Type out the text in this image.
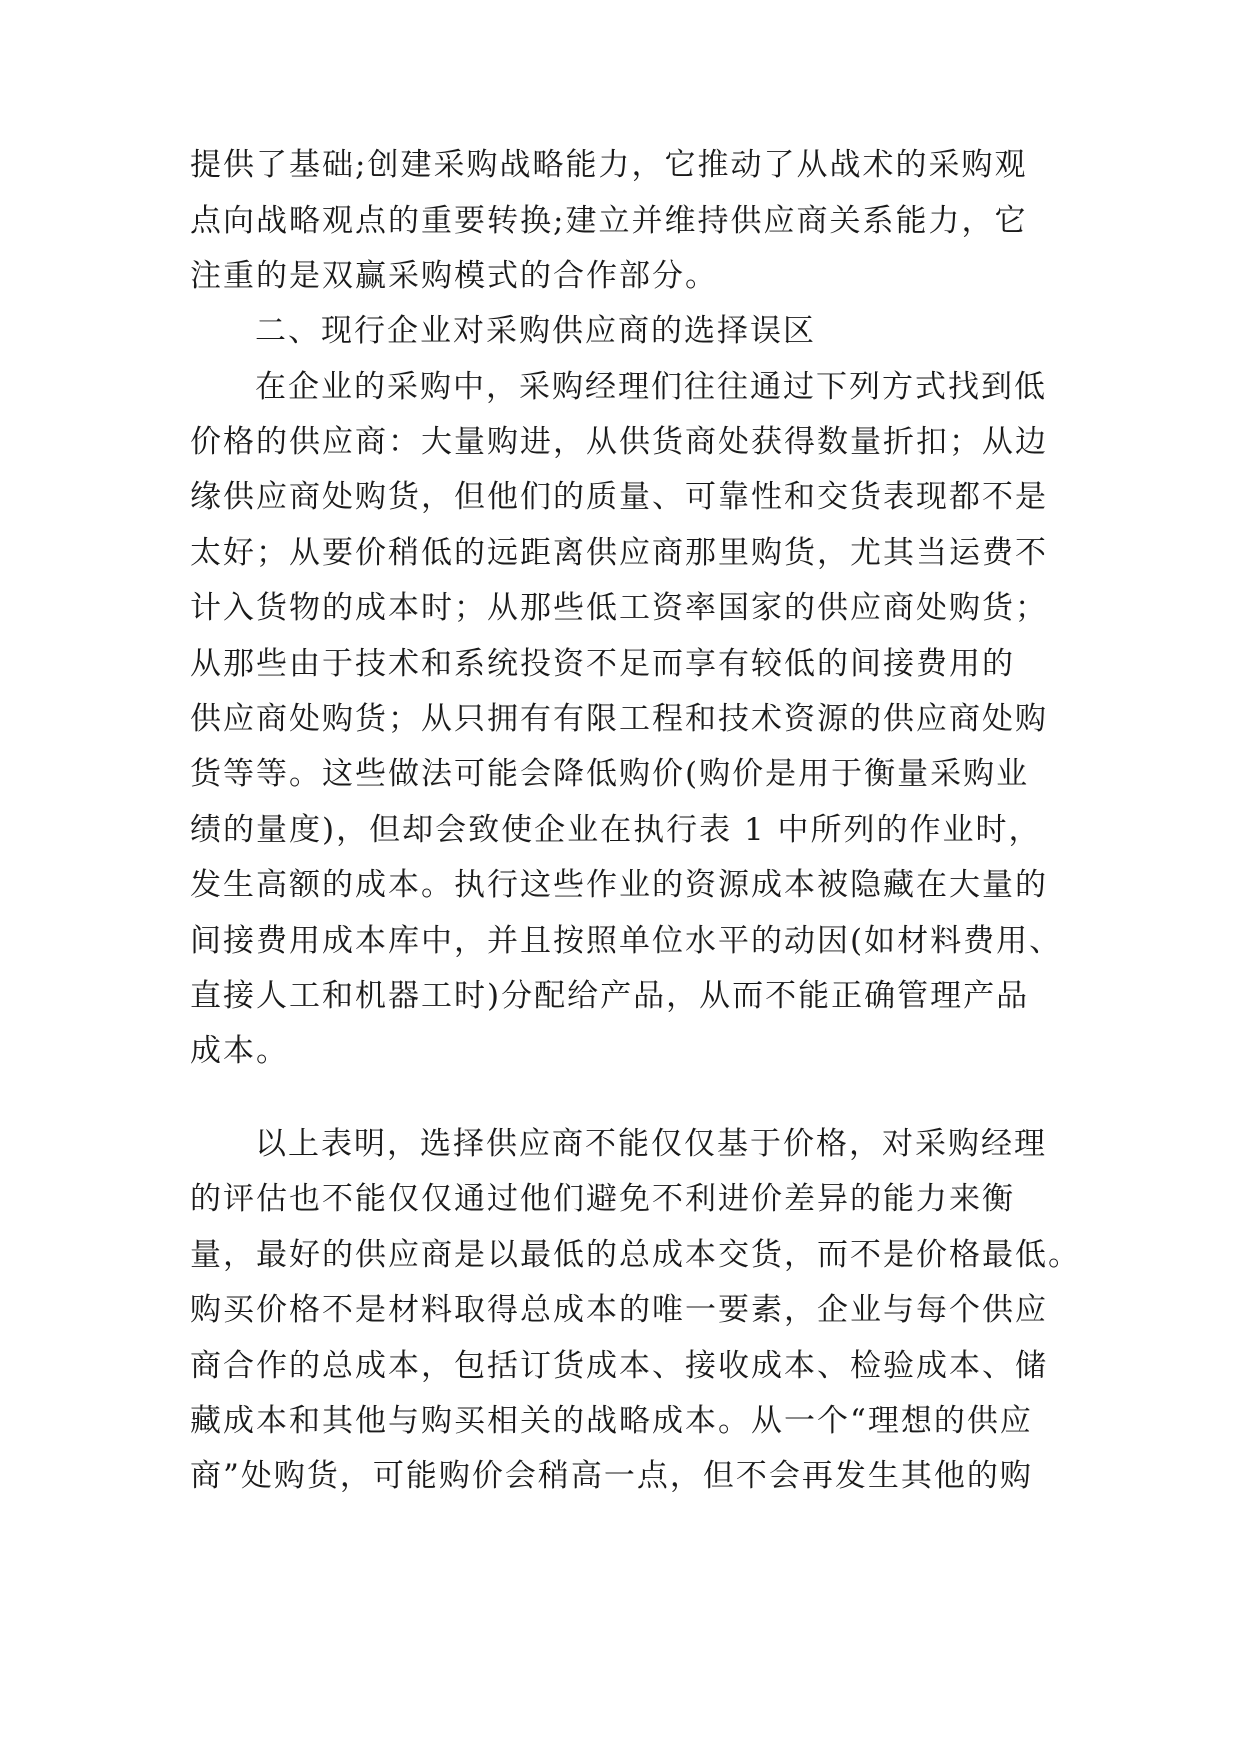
提供了基础;创建采购战略能力，它推动了从战术的采购观
点向战略观点的重要转换;建立并维持供应商关系能力，它
注重的是双赢采购模式的合作部分。
二、现行企业对采购供应商的选择误区
在企业的采购中，采购经理们往往通过下列方式找到低
价格的供应商：大量购进，从供货商处获得数量折扣；从边
缘供应商处购货，但他们的质量、可靠性和交货表现都不是
太好；从要价稍低的远距离供应商那里购货，尤其当运费不
计入货物的成本时；从那些低工资率国家的供应商处购货；
从那些由于技术和系统投资不足而享有较低的间接费用的
供应商处购货；从只拥有有限工程和技术资源的供应商处购
货等等。这些做法可能会降低购价(购价是用于衡量采购业
绩的量度)，但却会致使企业在执行表 1 中所列的作业时，
发生高额的成本。执行这些作业的资源成本被隐藏在大量的
间接费用成本库中，并且按照单位水平的动因(如材料费用、
直接人工和机器工时)分配给产品，从而不能正确管理产品
成本。
以上表明，选择供应商不能仅仅基于价格，对采购经理
的评估也不能仅仅通过他们避免不利进价差异的能力来衡
量，最好的供应商是以最低的总成本交货，而不是价格最低。
购买价格不是材料取得总成本的唯一要素，企业与每个供应
商合作的总成本，包括订货成本、接收成本、检验成本、储
藏成本和其他与购买相关的战略成本。从一个“理想的供应
商”处购货，可能购价会稍高一点，但不会再发生其他的购
